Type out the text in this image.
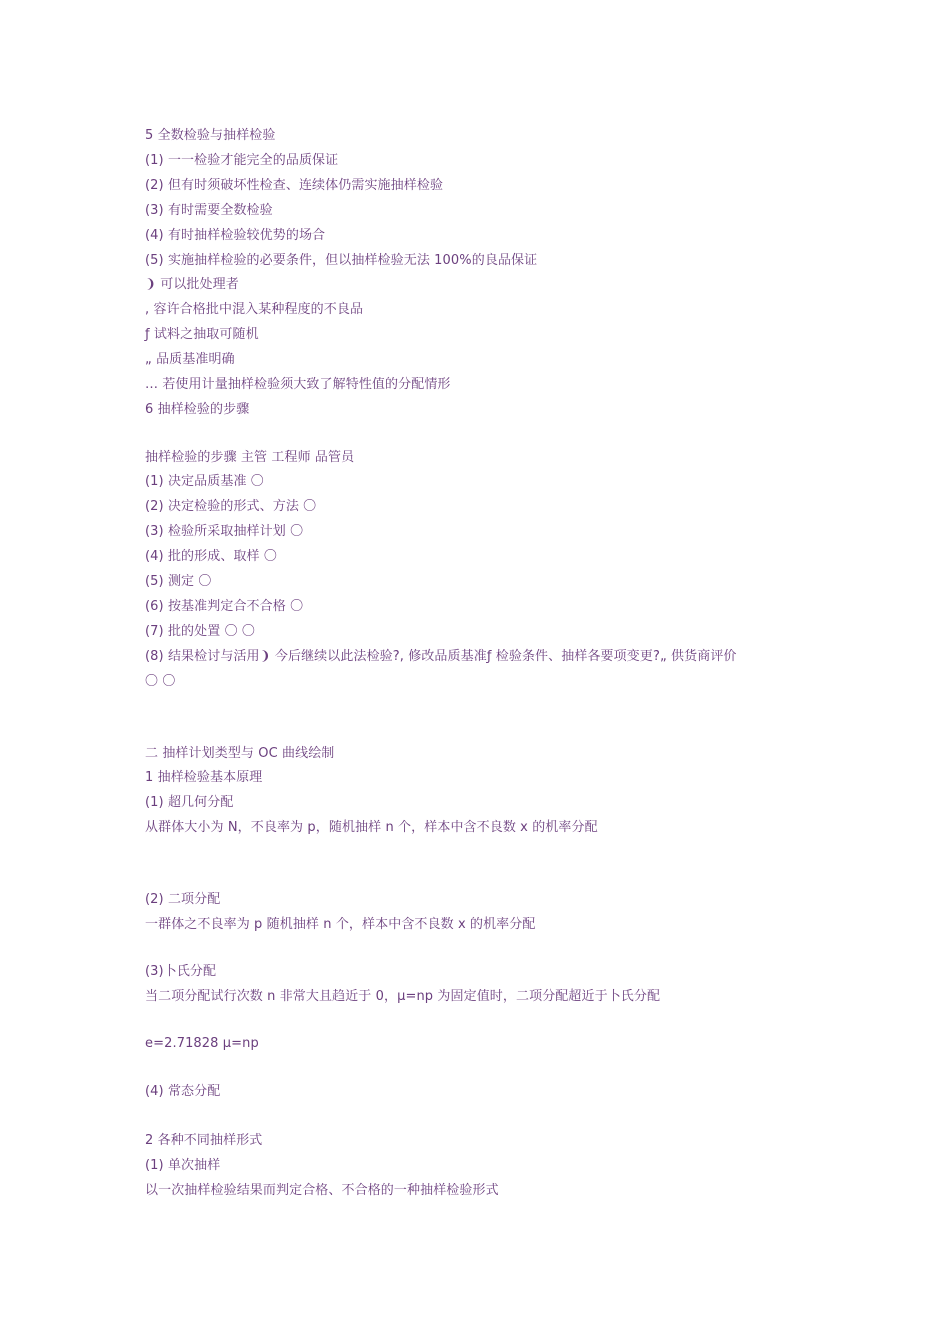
5 全数检验与抽样检验
(1) 一一检验才能完全的品质保证
(2) 但有时须破坏性检查、连续体仍需实施抽样检验
(3) 有时需要全数检验
(4) 有时抽样检验较优势的场合
(5) 实施抽样检验的必要条件，但以抽样检验无法 100%的良品保证
❩ 可以批处理者
, 容许合格批中混入某种程度的不良品
ƒ 试料之抽取可随机
„ 品质基准明确
… 若使用计量抽样检验须大致了解特性值的分配情形
6 抽样检验的步骤
抽样检验的步骤 主管 工程师 品管员
(1) 决定品质基准 〇
(2) 决定检验的形式、方法 〇
(3) 检验所采取抽样计划 〇
(4) 批的形成、取样 〇
(5) 测定 〇
(6) 按基准判定合不合格 〇
(7) 批的处置 〇 〇
(8) 结果检讨与活用❩ 今后继续以此法检验?, 修改品质基准ƒ 检验条件、抽样各要项变更?„ 供货商评价
〇 〇
二 抽样计划类型与 OC 曲线绘制
1 抽样检验基本原理
(1) 超几何分配
从群体大小为 N，不良率为 p，随机抽样 n 个，样本中含不良数 x 的机率分配
(2) 二项分配
一群体之不良率为 p 随机抽样 n 个，样本中含不良数 x 的机率分配
(3)卜氏分配
当二项分配试行次数 n 非常大且趋近于 0，μ=np 为固定值时，二项分配超近于卜氏分配
e=2.71828 μ=np
(4) 常态分配
2 各种不同抽样形式
(1) 单次抽样
以一次抽样检验结果而判定合格、不合格的一种抽样检验形式
